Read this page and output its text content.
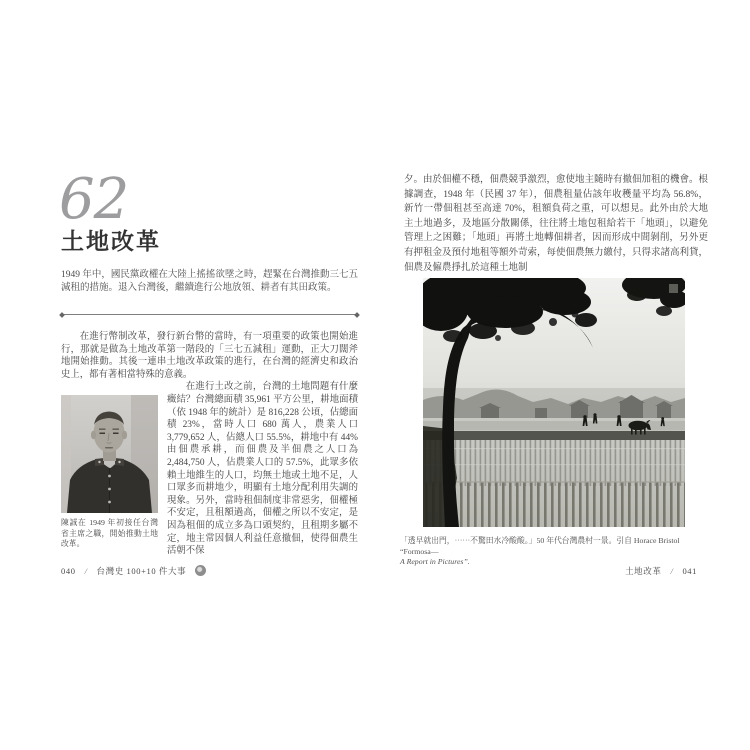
62
土地改革

1949 年中，國民黨政權在大陸上搖搖欲墜之時，趕緊在台灣推動三七五減租的措施。退入台灣後，繼續進行公地放領、耕者有其田政策。

在進行幣制改革，發行新台幣的當時，有一項重要的政策也開始進行，那就是做為土地改革第一階段的「三七五減租」運動，正大刀闊斧地開始推動。其後一連串土地改革政策的進行，在台灣的經濟史和政治史上，都有著相當特殊的意義。

陳誠在 1949 年初接任台灣省主席之職，開始推動土地改革。
在進行土改之前，台灣的土地問題有什麼癥結？台灣總面積 35,961 平方公里，耕地面積（依 1948 年的統計）是 816,228 公頃，佔總面積 23%，當時人口 680 萬人，農業人口 3,779,652 人，佔總人口 55.5%，耕地中有 44% 由佃農承耕，而佃農及半佃農之人口為 2,484,750 人，佔農業人口的 57.5%，此眾多依賴土地維生的人口，均無土地或土地不足，人口眾多而耕地少，明顯有土地分配利用失調的現象。另外，當時租佃制度非常惡劣，佃權極不安定，且租額過高，佃權之所以不安定，是因為租佃的成立多為口頭契約，且租期多屬不定，地主常因個人利益任意撤佃，使得佃農生活朝不保

040 / 台灣史 100+10 件大事

夕。由於佃權不穩，佃農競爭激烈，愈使地主隨時有撤佃加租的機會。根據調查，1948 年（民國 37 年），佃農租量佔該年收穫量平均為 56.8%，新竹一帶佃租甚至高達 70%，租額負荷之重，可以想見。此外由於大地主土地過多，及地區分散關係，往往將土地包租給若干「地頭」，以避免管理上之困難；「地頭」再將土地轉佃耕者，因而形成中間剝削，另外更有押租金及預付地租等額外苛索，每使佃農無力繳付，只得求諸高利貸，佃農及僱農掙扎於這種土地制

「透早就出門，⋯⋯不驚田水冷酸酸。」50 年代台灣農村一景。引自 Horace Bristol “Formosa—
A Report in Pictures”.
土地改革 / 041
